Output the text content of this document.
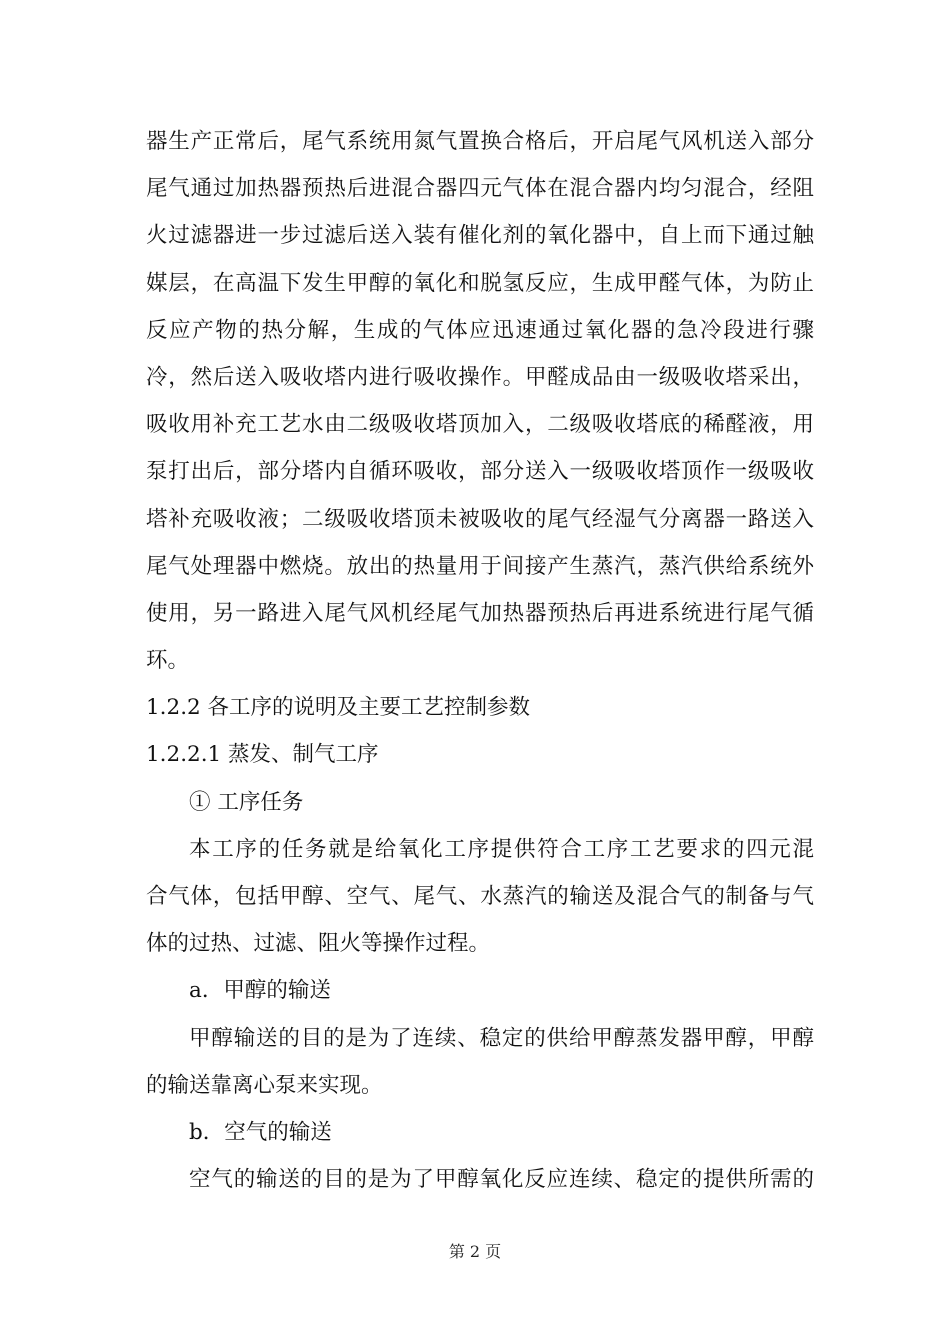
器生产正常后，尾气系统用氮气置换合格后，开启尾气风机送入部分
尾气通过加热器预热后进混合器四元气体在混合器内均匀混合，经阻
火过滤器进一步过滤后送入装有催化剂的氧化器中，自上而下通过触
媒层，在高温下发生甲醇的氧化和脱氢反应，生成甲醛气体，为防止
反应产物的热分解，生成的气体应迅速通过氧化器的急冷段进行骤
冷，然后送入吸收塔内进行吸收操作。甲醛成品由一级吸收塔采出，
吸收用补充工艺水由二级吸收塔顶加入，二级吸收塔底的稀醛液，用
泵打出后，部分塔内自循环吸收，部分送入一级吸收塔顶作一级吸收
塔补充吸收液；二级吸收塔顶未被吸收的尾气经湿气分离器一路送入
尾气处理器中燃烧。放出的热量用于间接产生蒸汽，蒸汽供给系统外
使用，另一路进入尾气风机经尾气加热器预热后再进系统进行尾气循
环。
1.2.2 各工序的说明及主要工艺控制参数
1.2.2.1 蒸发、制气工序
① 工序任务
本工序的任务就是给氧化工序提供符合工序工艺要求的四元混
合气体，包括甲醇、空气、尾气、水蒸汽的输送及混合气的制备与气
体的过热、过滤、阻火等操作过程。
a．甲醇的输送
甲醇输送的目的是为了连续、稳定的供给甲醇蒸发器甲醇，甲醇
的输送靠离心泵来实现。
b．空气的输送
空气的输送的目的是为了甲醇氧化反应连续、稳定的提供所需的
第 2 页
